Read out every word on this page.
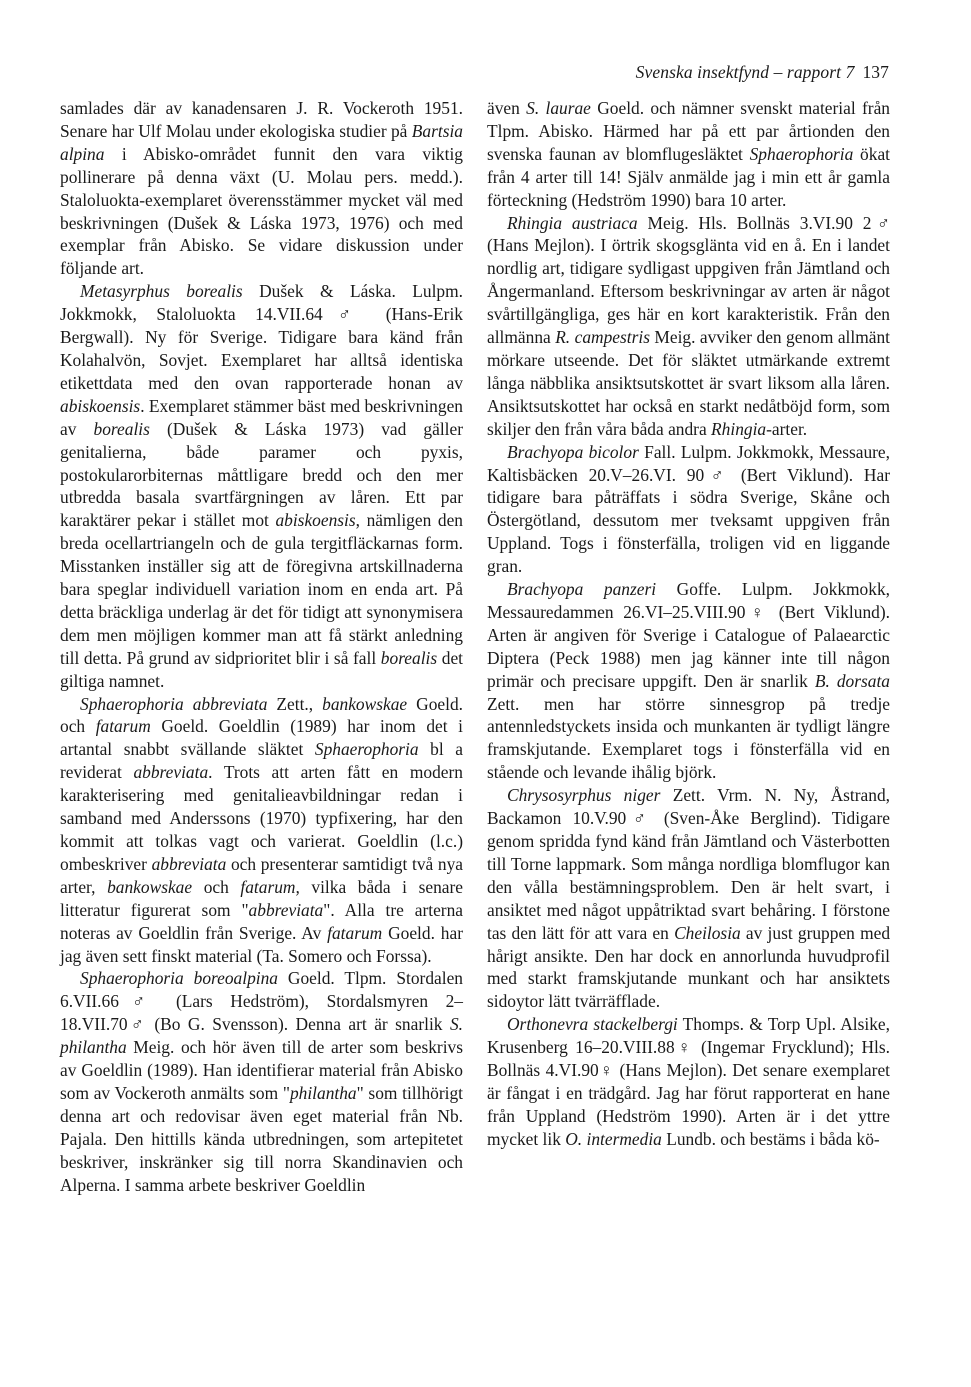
Svenska insektfynd – rapport 7 137

samlades där av kanadensaren J. R. Vockeroth 1951. Senare har Ulf Molau under ekologiska studier på Bartsia alpina i Abisko-området funnit den vara viktig pollinerare på denna växt (U. Molau pers. medd.). Staloluokta-exemplaret överensstämmer mycket väl med beskrivningen (Dušek & Láska 1973, 1976) och med exemplar från Abisko. Se vidare diskussion under följande art.

Metasyrphus borealis Dušek & Láska. Lulpm. Jokkmokk, Staloluokta 14.VII.64♂ (Hans-Erik Bergwall). Ny för Sverige. Tidigare bara känd från Kolahalvön, Sovjet. Exemplaret har alltså identiska etikettdata med den ovan rapporterade honan av abiskoensis. Exemplaret stämmer bäst med beskrivningen av borealis (Dušek & Láska 1973) vad gäller genitalierna, både paramer och pyxis, postokularorbiternas måttligare bredd och den mer utbredda basala svartfärgningen av låren. Ett par karaktärer pekar i stället mot abiskoensis, nämligen den breda ocellartriangeln och de gula tergitfläckarnas form. Misstanken inställer sig att de föregivna artskillnaderna bara speglar individuell variation inom en enda art. På detta bräckliga underlag är det för tidigt att synonymisera dem men möjligen kommer man att få stärkt anledning till detta. På grund av sidprioritet blir i så fall borealis det giltiga namnet.

Sphaerophoria abbreviata Zett., bankowskae Goeld. och fatarum Goeld. Goeldlin (1989) har inom det i artantal snabbt svällande släktet Sphaerophoria bl a reviderat abbreviata. Trots att arten fått en modern karakterisering med genitalieavbildningar redan i samband med Anderssons (1970) typfixering, har den kommit att tolkas vagt och varierat. Goeldlin (l.c.) ombeskriver abbreviata och presenterar samtidigt två nya arter, bankowskae och fatarum, vilka båda i senare litteratur figurerat som "abbreviata". Alla tre arterna noteras av Goeldlin från Sverige. Av fatarum Goeld. har jag även sett finskt material (Ta. Somero och Forssa).

Sphaerophoria boreoalpina Goeld. Tlpm. Stordalen 6.VII.66♂ (Lars Hedström), Stordalsmyren 2–18.VII.70♂ (Bo G. Svensson). Denna art är snarlik S. philantha Meig. och hör även till de arter som beskrivs av Goeldlin (1989). Han identifierar material från Abisko som av Vockeroth anmälts som "philantha" som tillhörigt denna art och redovisar även eget material från Nb. Pajala. Den hittills kända utbredningen, som artepitetet beskriver, inskränker sig till norra Skandinavien och Alperna. I samma arbete beskriver Goeldlin

även S. laurae Goeld. och nämner svenskt material från Tlpm. Abisko. Härmed har på ett par årtionden den svenska faunan av blomflugesläktet Sphaerophoria ökat från 4 arter till 14! Själv anmälde jag i min ett år gamla förteckning (Hedström 1990) bara 10 arter.

Rhingia austriaca Meig. Hls. Bollnäs 3.VI.90 2♂ (Hans Mejlon). I örtrik skogsglänta vid en å. En i landet nordlig art, tidigare sydligast uppgiven från Jämtland och Ångermanland. Eftersom beskrivningar av arten är något svårtillgängliga, ges här en kort karakteristik. Från den allmänna R. campestris Meig. avviker den genom allmänt mörkare utseende. Det för släktet utmärkande extremt långa näbblika ansiktsutskottet är svart liksom alla låren. Ansiktsutskottet har också en starkt nedåtböjd form, som skiljer den från våra båda andra Rhingia-arter.

Brachyopa bicolor Fall. Lulpm. Jokkmokk, Messaure, Kaltisbäcken 20.V–26.VI. 90♂ (Bert Viklund). Har tidigare bara påträffats i södra Sverige, Skåne och Östergötland, dessutom mer tveksamt uppgiven från Uppland. Togs i fönsterfälla, troligen vid en liggande gran.

Brachyopa panzeri Goffe. Lulpm. Jokkmokk, Messauredammen 26.VI–25.VIII.90♀ (Bert Viklund). Arten är angiven för Sverige i Catalogue of Palaearctic Diptera (Peck 1988) men jag känner inte till någon primär och precisare uppgift. Den är snarlik B. dorsata Zett. men har större sinnesgrop på tredje antennledstyckets insida och munkanten är tydligt längre framskjutande. Exemplaret togs i fönsterfälla vid en stående och levande ihålig björk.

Chrysosyrphus niger Zett. Vrm. N. Ny, Åstrand, Backamon 10.V.90♂ (Sven-Åke Berglind). Tidigare genom spridda fynd känd från Jämtland och Västerbotten till Torne lappmark. Som många nordliga blomflugor kan den vålla bestämningsproblem. Den är helt svart, i ansiktet med något uppåtriktad svart behåring. I förstone tas den lätt för att vara en Cheilosia av just gruppen med hårigt ansikte. Den har dock en annorlunda huvudprofil med starkt framskjutande munkant och har ansiktets sidoytor lätt tvärräfflade.

Orthonevra stackelbergi Thomps. & Torp Upl. Alsike, Krusenberg 16–20.VIII.88♀ (Ingemar Frycklund); Hls. Bollnäs 4.VI.90♀ (Hans Mejlon). Det senare exemplaret är fångat i en trädgård. Jag har förut rapporterat en hane från Uppland (Hedström 1990). Arten är i det yttre mycket lik O. intermedia Lundb. och bestäms i båda kö-
